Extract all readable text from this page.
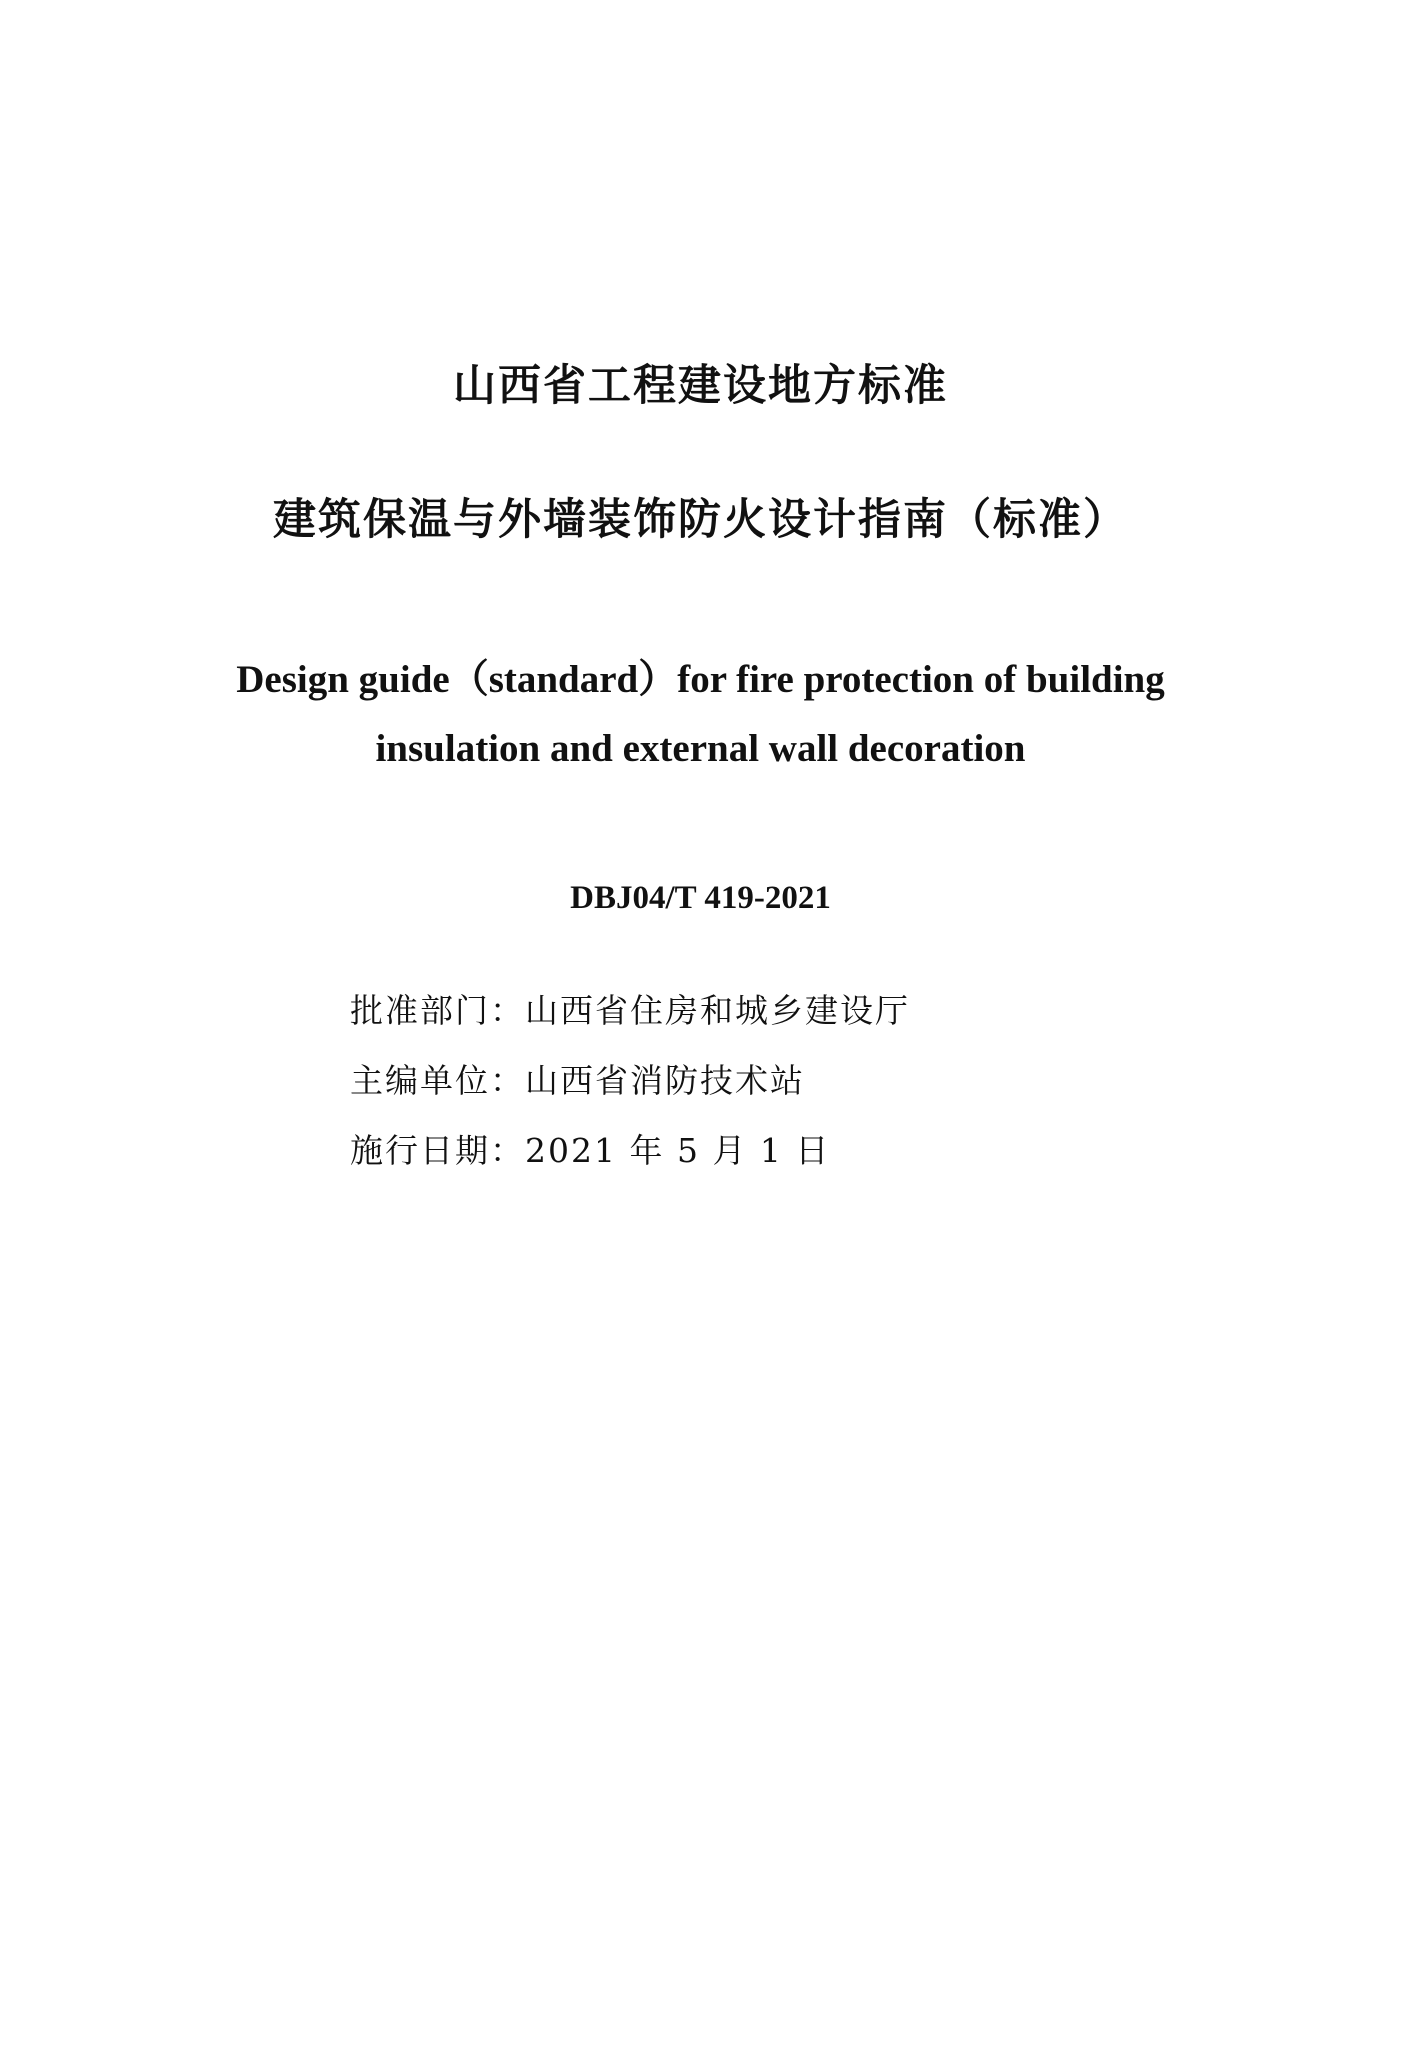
山西省工程建设地方标准
建筑保温与外墙装饰防火设计指南（标准）
Design guide（standard）for fire protection of building
insulation and external wall decoration
DBJ04/T 419-2021
批准部门：山西省住房和城乡建设厅
主编单位：山西省消防技术站
施行日期：2021 年 5 月 1 日
